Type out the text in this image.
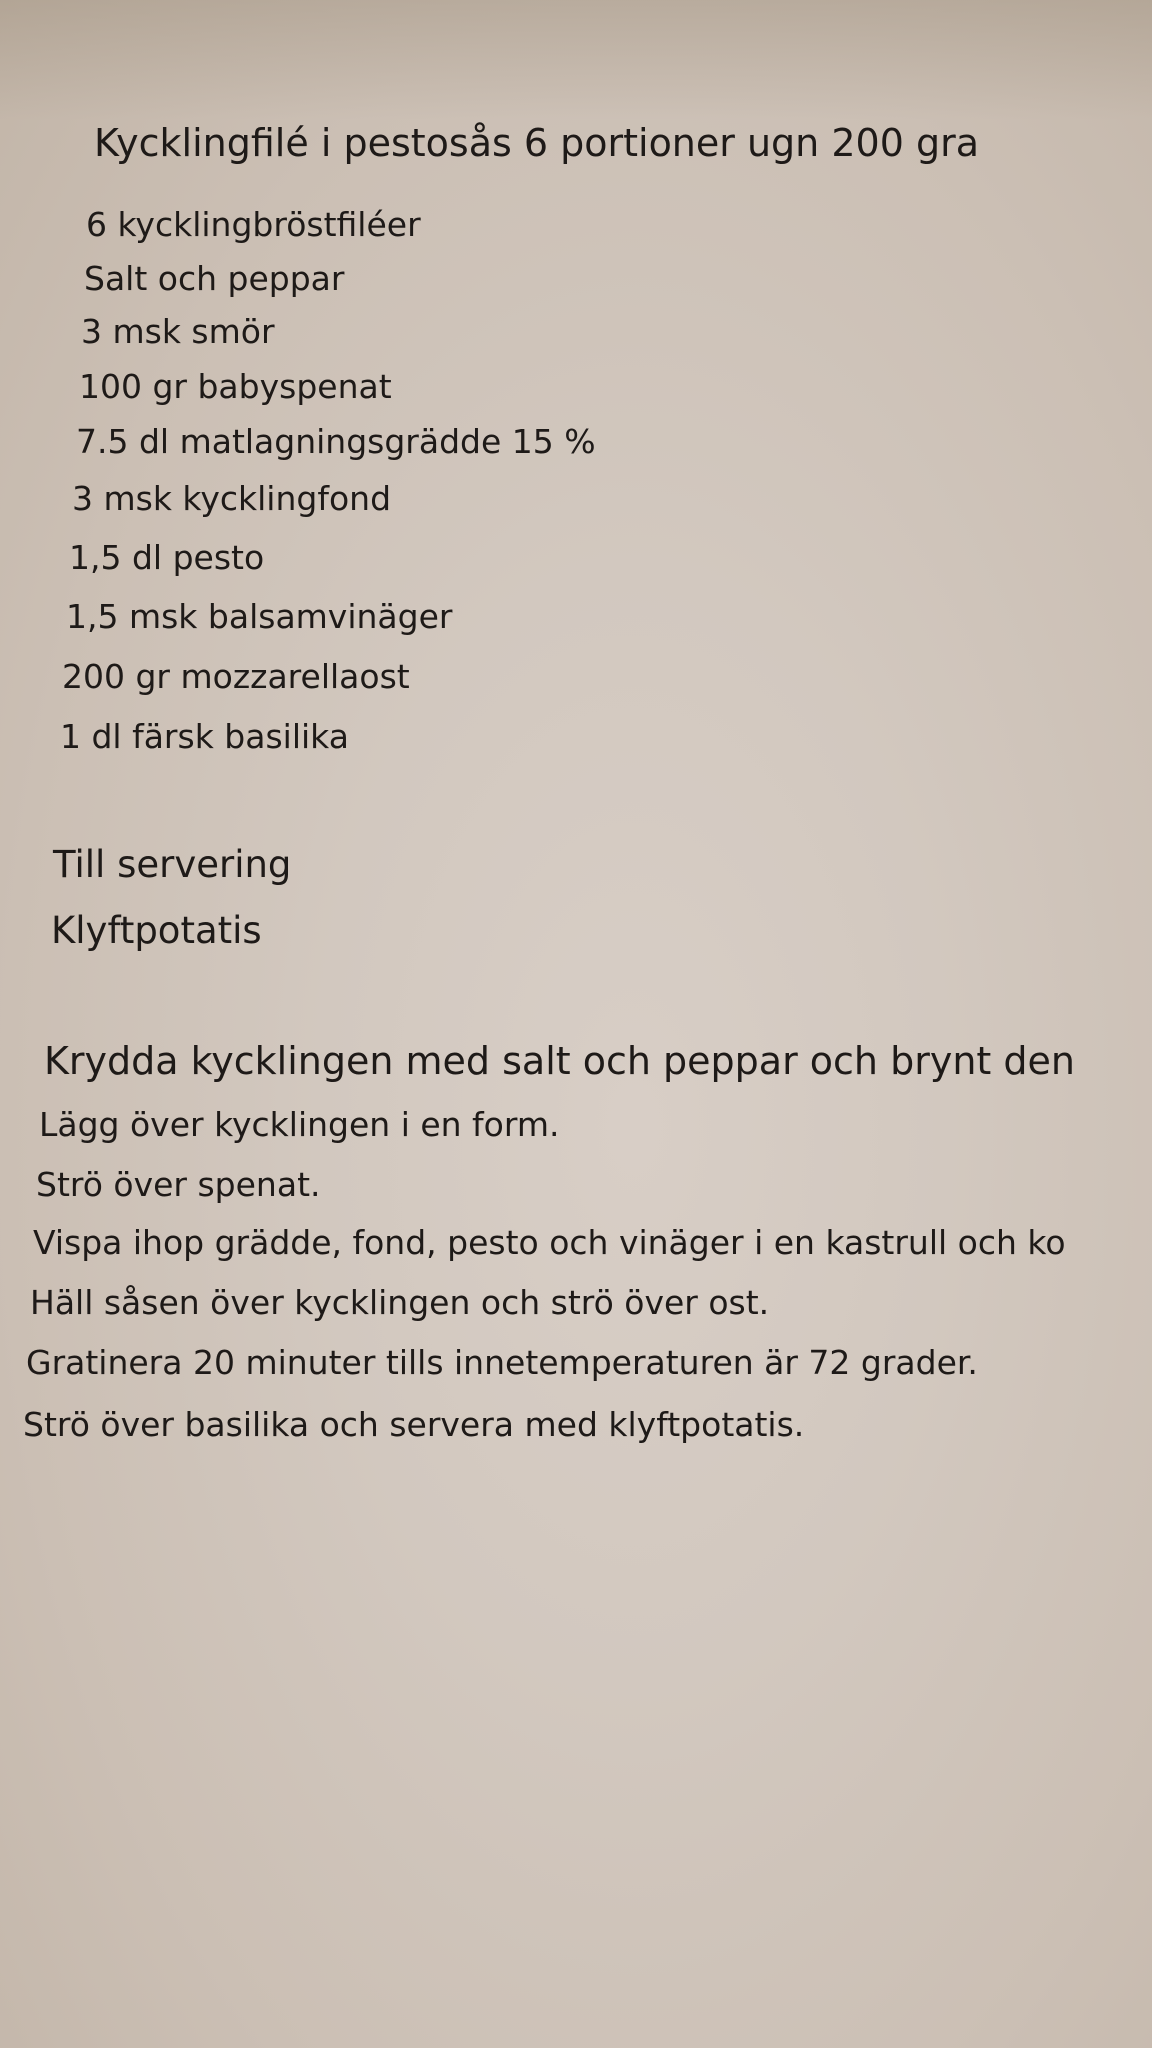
Kycklingfilé i pestosås 6 portioner ugn 200 gra

6 kycklingbröstfiléer

Salt och peppar

3 msk smör

100 gr babyspenat

7.5 dl matlagningsgrädde 15 %

3 msk kycklingfond

1,5 dl pesto

1,5 msk balsamvinäger

200 gr mozzarellaost

1 dl färsk basilika

Till servering

Klyftpotatis

Krydda kycklingen med salt och peppar och brynt den

Lägg över kycklingen i en form.

Strö över spenat.

Vispa ihop grädde, fond, pesto och vinäger i en kastrull och ko

Häll såsen över kycklingen och strö över ost.

Gratinera 20 minuter tills innetemperaturen är 72 grader.

Strö över basilika och servera med klyftpotatis.
